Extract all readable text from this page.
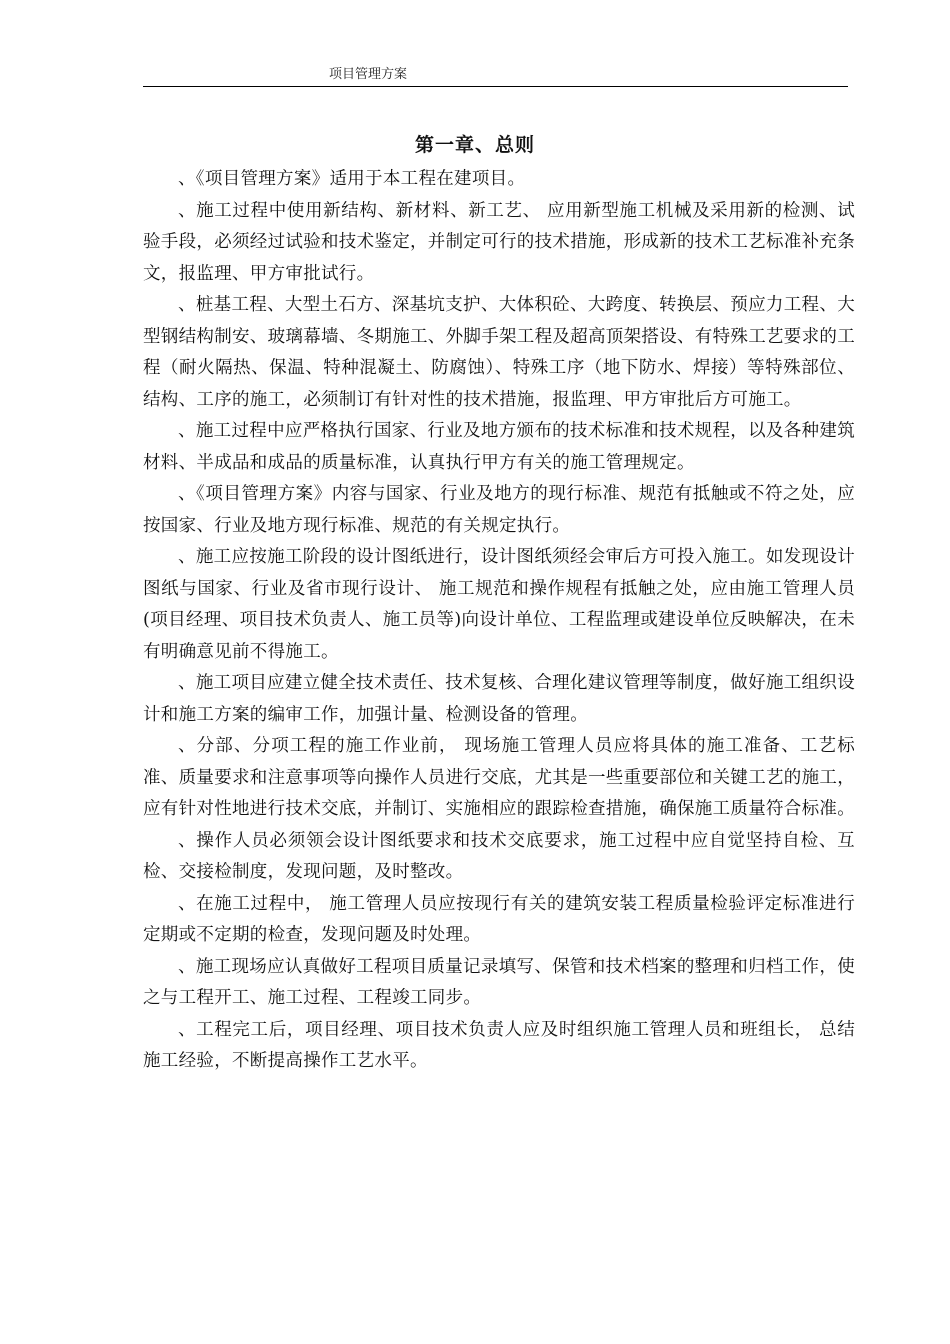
项目管理方案
第一章、总则

、《项目管理方案》适用于本工程在建项目。

、施工过程中使用新结构、新材料、新工艺、 应用新型施工机械及采用新的检测、试验手段，必须经过试验和技术鉴定，并制定可行的技术措施，形成新的技术工艺标准补充条文，报监理、甲方审批试行。

、桩基工程、大型土石方、深基坑支护、大体积砼、大跨度、转换层、预应力工程、大型钢结构制安、玻璃幕墙、冬期施工、外脚手架工程及超高顶架搭设、有特殊工艺要求的工程（耐火隔热、保温、特种混凝土、防腐蚀）、特殊工序（地下防水、焊接）等特殊部位、结构、工序的施工，必须制订有针对性的技术措施，报监理、甲方审批后方可施工。

、施工过程中应严格执行国家、行业及地方颁布的技术标准和技术规程，以及各种建筑材料、半成品和成品的质量标准，认真执行甲方有关的施工管理规定。

、《项目管理方案》内容与国家、行业及地方的现行标准、规范有抵触或不符之处，应按国家、行业及地方现行标准、规范的有关规定执行。

、施工应按施工阶段的设计图纸进行，设计图纸须经会审后方可投入施工。如发现设计图纸与国家、行业及省市现行设计、 施工规范和操作规程有抵触之处，应由施工管理人员(项目经理、项目技术负责人、施工员等)向设计单位、工程监理或建设单位反映解决，在未有明确意见前不得施工。

、施工项目应建立健全技术责任、技术复核、合理化建议管理等制度，做好施工组织设计和施工方案的编审工作，加强计量、检测设备的管理。

、分部、分项工程的施工作业前， 现场施工管理人员应将具体的施工准备、工艺标准、质量要求和注意事项等向操作人员进行交底，尤其是一些重要部位和关键工艺的施工，应有针对性地进行技术交底，并制订、实施相应的跟踪检查措施，确保施工质量符合标准。

、操作人员必须领会设计图纸要求和技术交底要求，施工过程中应自觉坚持自检、互检、交接检制度，发现问题，及时整改。

、在施工过程中， 施工管理人员应按现行有关的建筑安装工程质量检验评定标准进行定期或不定期的检查，发现问题及时处理。

、施工现场应认真做好工程项目质量记录填写、保管和技术档案的整理和归档工作，使之与工程开工、施工过程、工程竣工同步。

、工程完工后，项目经理、项目技术负责人应及时组织施工管理人员和班组长， 总结施工经验，不断提高操作工艺水平。
